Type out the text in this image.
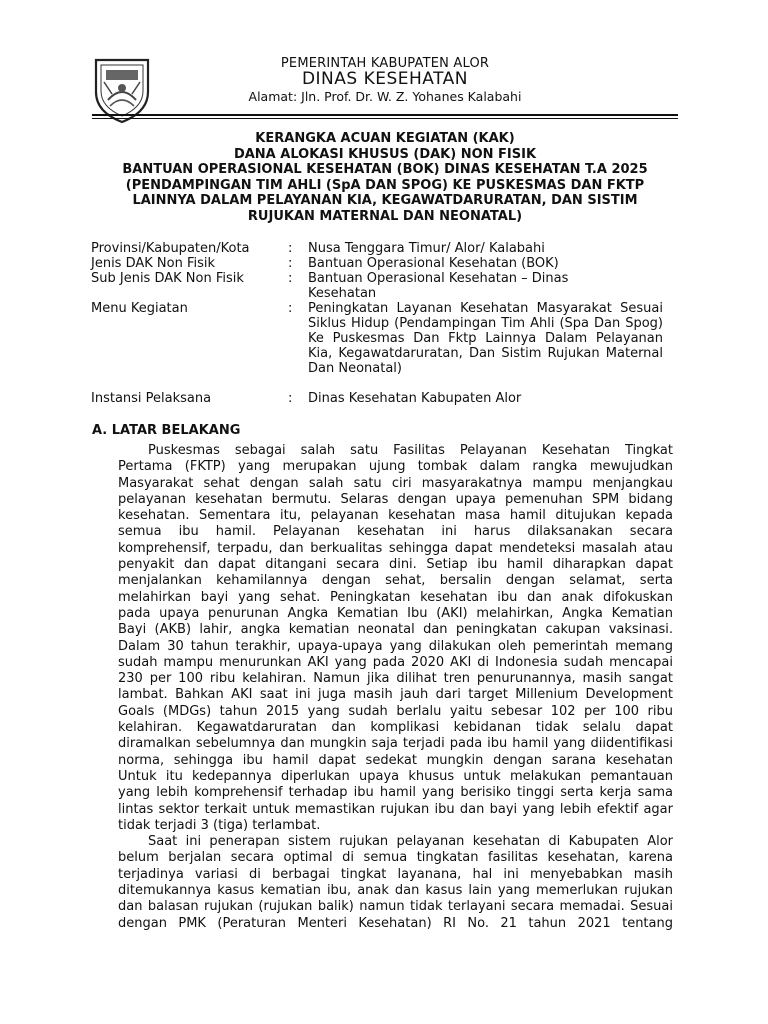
PEMERINTAH KABUPATEN ALOR
DINAS KESEHATAN
Alamat: Jln. Prof. Dr. W. Z. Yohanes Kalabahi
KERANGKA ACUAN KEGIATAN (KAK)
DANA ALOKASI KHUSUS (DAK) NON FISIK
BANTUAN OPERASIONAL KESEHATAN (BOK) DINAS KESEHATAN T.A 2025
(PENDAMPINGAN TIM AHLI (SpA DAN SPOG) KE PUSKESMAS DAN FKTP
LAINNYA DALAM PELAYANAN KIA, KEGAWATDARURATAN, DAN SISTIM
RUJUKAN MATERNAL DAN NEONATAL)
Provinsi/Kabupaten/Kota	:	Nusa Tenggara Timur/ Alor/ Kalabahi
Jenis DAK Non Fisik	:	Bantuan Operasional Kesehatan (BOK)
Sub Jenis DAK Non Fisik	:	Bantuan Operasional Kesehatan – Dinas Kesehatan
Menu Kegiatan	:	Peningkatan Layanan Kesehatan Masyarakat Sesuai Siklus Hidup (Pendampingan Tim Ahli (Spa Dan Spog) Ke Puskesmas Dan Fktp Lainnya Dalam Pelayanan Kia, Kegawatdaruratan, Dan Sistim Rujukan Maternal Dan Neonatal)
Instansi Pelaksana	:	Dinas Kesehatan Kabupaten Alor
A. LATAR BELAKANG
Puskesmas sebagai salah satu Fasilitas Pelayanan Kesehatan Tingkat
Pertama (FKTP) yang merupakan ujung tombak dalam rangka mewujudkan
Masyarakat sehat dengan salah satu ciri masyarakatnya mampu menjangkau
pelayanan kesehatan bermutu. Selaras dengan upaya pemenuhan SPM bidang
kesehatan. Sementara itu, pelayanan kesehatan masa hamil ditujukan kepada
semua ibu hamil. Pelayanan kesehatan ini harus dilaksanakan secara
komprehensif, terpadu, dan berkualitas sehingga dapat mendeteksi masalah atau
penyakit dan dapat ditangani secara dini. Setiap ibu hamil diharapkan dapat
menjalankan kehamilannya dengan sehat, bersalin dengan selamat, serta
melahirkan bayi yang sehat. Peningkatan kesehatan ibu dan anak difokuskan
pada upaya penurunan Angka Kematian Ibu (AKI) melahirkan, Angka Kematian
Bayi (AKB) lahir, angka kematian neonatal dan peningkatan cakupan vaksinasi.
Dalam 30 tahun terakhir, upaya-upaya yang dilakukan oleh pemerintah memang
sudah mampu menurunkan AKI yang pada 2020 AKI di Indonesia sudah mencapai
230 per 100 ribu kelahiran. Namun jika dilihat tren penurunannya, masih sangat
lambat. Bahkan AKI saat ini juga masih jauh dari target Millenium Development
Goals (MDGs) tahun 2015 yang sudah berlalu yaitu sebesar 102 per 100 ribu
kelahiran. Kegawatdaruratan dan komplikasi kebidanan tidak selalu dapat
diramalkan sebelumnya dan mungkin saja terjadi pada ibu hamil yang diidentifikasi
norma, sehingga ibu hamil dapat sedekat mungkin dengan sarana kesehatan
Untuk itu kedepannya diperlukan upaya khusus untuk melakukan pemantauan
yang lebih komprehensif terhadap ibu hamil yang berisiko tinggi serta kerja sama
lintas sektor terkait untuk memastikan rujukan ibu dan bayi yang lebih efektif agar
tidak terjadi 3 (tiga) terlambat.
Saat ini penerapan sistem rujukan pelayanan kesehatan di Kabupaten Alor
belum berjalan secara optimal di semua tingkatan fasilitas kesehatan, karena
terjadinya variasi di berbagai tingkat layanana, hal ini menyebabkan masih
ditemukannya kasus kematian ibu, anak dan kasus lain yang memerlukan rujukan
dan balasan rujukan (rujukan balik) namun tidak terlayani secara memadai. Sesuai
dengan PMK (Peraturan Menteri Kesehatan) RI No. 21 tahun 2021 tentang
